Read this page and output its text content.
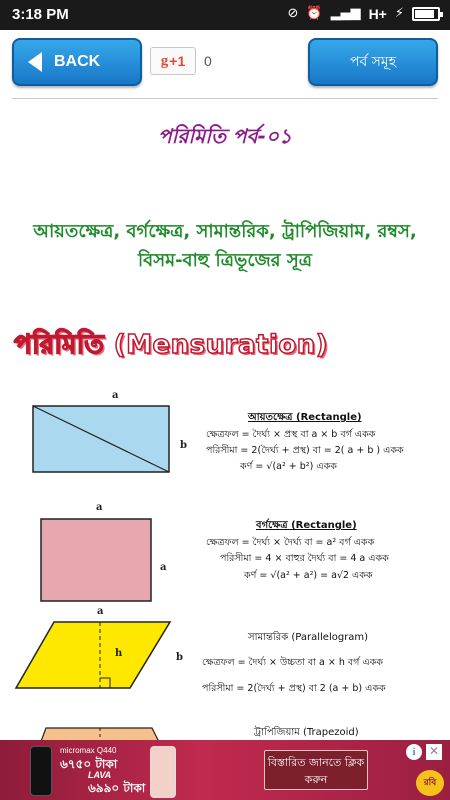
3:18 PM	⊘ ⏰ ▂▄▆ H+ ⚡
BACK	g +1 0	পর্ব সমূহ
পরিমিতি পর্ব-০১
আয়তক্ষেত্র, বর্গক্ষেত্র, সামান্তরিক, ট্রাপিজিয়াম, রম্বস, বিসম-বাহু ত্রিভূজের সূত্র
পরিমিতি (Mensuration)
a
b
আয়তক্ষেত্র (Rectangle)
ক্ষেত্রফল = দৈর্ঘ্য × প্রস্থ বা a × b বর্গ একক
পরিসীমা = 2(দৈর্ঘ্য + প্রস্থ) বা = 2( a + b ) একক
কর্ণ = √(a² + b²) একক
a
a
বর্গক্ষেত্র (Rectangle)
ক্ষেত্রফল = দৈর্ঘ্য × দৈর্ঘ্য বা = a² বর্গ একক
পরিসীমা = 4 × বাহুর দৈর্ঘ্য বা = 4 a একক
কর্ণ = √(a² + a²) = a√2 একক
a
h	b
সামান্তরিক (Parallelogram)
ক্ষেত্রফল = দৈর্ঘ্য × উচ্চতা বা a × h বর্গ একক
পরিসীমা = 2(দৈর্ঘ্য + প্রস্থ) বা 2 (a + b) একক
ট্রাপিজিয়াম (Trapezoid)
micromax Q440
৬৭৫০ টাকা
LAVA
৬৯৯০ টাকা
বিস্তারিত জানতে ক্লিক করুন
i	✕
রবি
